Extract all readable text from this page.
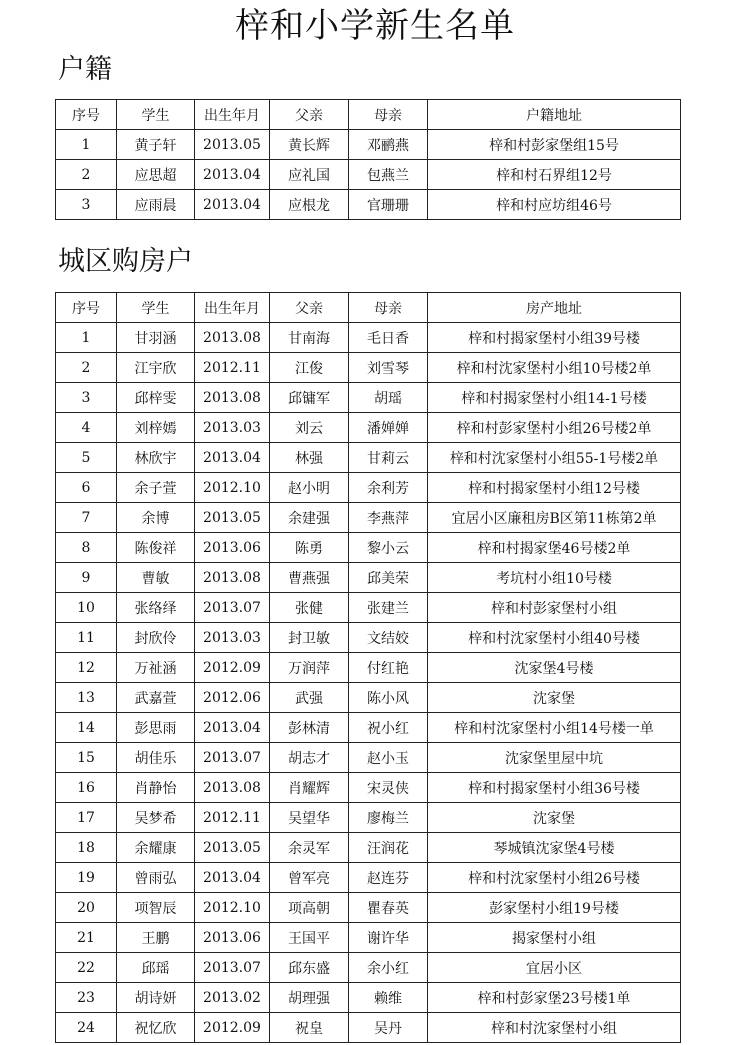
梓和小学新生名单
户籍
序号	学生	出生年月	父亲	母亲	户籍地址
1	黄子轩	2013.05	黄长辉	邓鹂燕	梓和村彭家堡组15号
2	应思超	2013.04	应礼国	包燕兰	梓和村石界组12号
3	应雨晨	2013.04	应根龙	官珊珊	梓和村应坊组46号
城区购房户
序号	学生	出生年月	父亲	母亲	房产地址
1	甘羽涵	2013.08	甘南海	毛日香	梓和村揭家堡村小组39号楼
2	江宇欣	2012.11	江俊	刘雪琴	梓和村沈家堡村小组10号楼2单
3	邱梓雯	2013.08	邱镛军	胡瑶	梓和村揭家堡村小组14-1号楼
4	刘梓嫣	2013.03	刘云	潘婵婵	梓和村彭家堡村小组26号楼2单
5	林欣宇	2013.04	林强	甘莉云	梓和村沈家堡村小组55-1号楼2单
6	余子萱	2012.10	赵小明	余利芳	梓和村揭家堡村小组12号楼
7	余博	2013.05	余建强	李燕萍	宜居小区廉租房B区第11栋第2单
8	陈俊祥	2013.06	陈勇	黎小云	梓和村揭家堡46号楼2单
9	曹敏	2013.08	曹燕强	邱美荣	考坑村小组10号楼
10	张络绎	2013.07	张健	张建兰	梓和村彭家堡村小组
11	封欣伶	2013.03	封卫敏	文结姣	梓和村沈家堡村小组40号楼
12	万祉涵	2012.09	万润萍	付红艳	沈家堡4号楼
13	武嘉萱	2012.06	武强	陈小风	沈家堡
14	彭思雨	2013.04	彭林清	祝小红	梓和村沈家堡村小组14号楼一单
15	胡佳乐	2013.07	胡志才	赵小玉	沈家堡里屋中坑
16	肖静怡	2013.08	肖耀辉	宋灵侠	梓和村揭家堡村小组36号楼
17	吴梦希	2012.11	吴望华	廖梅兰	沈家堡
18	余耀康	2013.05	余灵军	汪润花	琴城镇沈家堡4号楼
19	曾雨弘	2013.04	曾军亮	赵连芬	梓和村沈家堡村小组26号楼
20	项智辰	2012.10	项高朝	瞿春英	彭家堡村小组19号楼
21	王鹏	2013.06	王国平	谢许华	揭家堡村小组
22	邱瑶	2013.07	邱东盛	余小红	宜居小区
23	胡诗妍	2013.02	胡理强	赖维	梓和村彭家堡23号楼1单
24	祝忆欣	2012.09	祝皇	吴丹	梓和村沈家堡村小组
